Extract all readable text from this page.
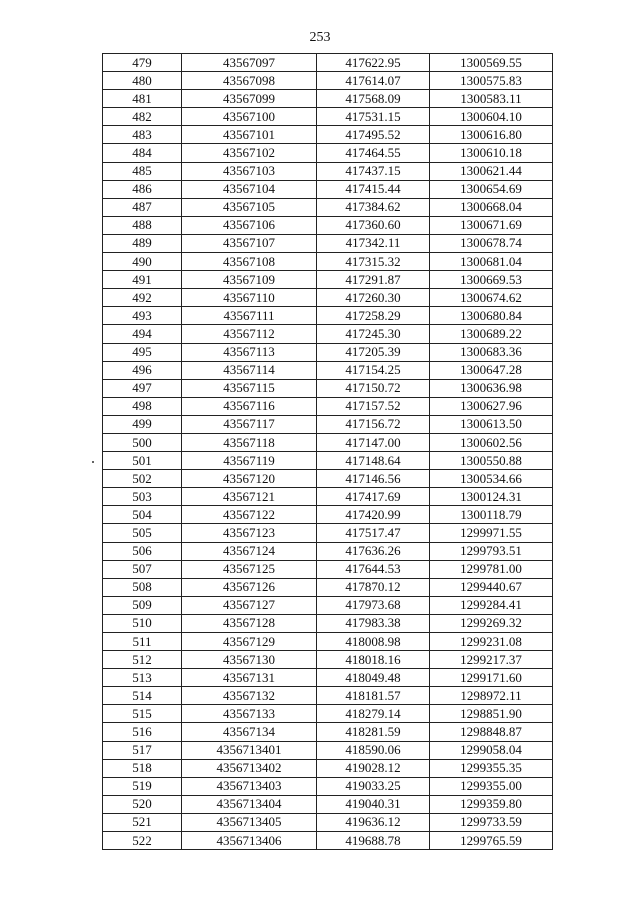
253
479	43567097	417622.95	1300569.55
480	43567098	417614.07	1300575.83
481	43567099	417568.09	1300583.11
482	43567100	417531.15	1300604.10
483	43567101	417495.52	1300616.80
484	43567102	417464.55	1300610.18
485	43567103	417437.15	1300621.44
486	43567104	417415.44	1300654.69
487	43567105	417384.62	1300668.04
488	43567106	417360.60	1300671.69
489	43567107	417342.11	1300678.74
490	43567108	417315.32	1300681.04
491	43567109	417291.87	1300669.53
492	43567110	417260.30	1300674.62
493	43567111	417258.29	1300680.84
494	43567112	417245.30	1300689.22
495	43567113	417205.39	1300683.36
496	43567114	417154.25	1300647.28
497	43567115	417150.72	1300636.98
498	43567116	417157.52	1300627.96
499	43567117	417156.72	1300613.50
500	43567118	417147.00	1300602.56
501	43567119	417148.64	1300550.88
502	43567120	417146.56	1300534.66
503	43567121	417417.69	1300124.31
504	43567122	417420.99	1300118.79
505	43567123	417517.47	1299971.55
506	43567124	417636.26	1299793.51
507	43567125	417644.53	1299781.00
508	43567126	417870.12	1299440.67
509	43567127	417973.68	1299284.41
510	43567128	417983.38	1299269.32
511	43567129	418008.98	1299231.08
512	43567130	418018.16	1299217.37
513	43567131	418049.48	1299171.60
514	43567132	418181.57	1298972.11
515	43567133	418279.14	1298851.90
516	43567134	418281.59	1298848.87
517	4356713401	418590.06	1299058.04
518	4356713402	419028.12	1299355.35
519	4356713403	419033.25	1299355.00
520	4356713404	419040.31	1299359.80
521	4356713405	419636.12	1299733.59
522	4356713406	419688.78	1299765.59
